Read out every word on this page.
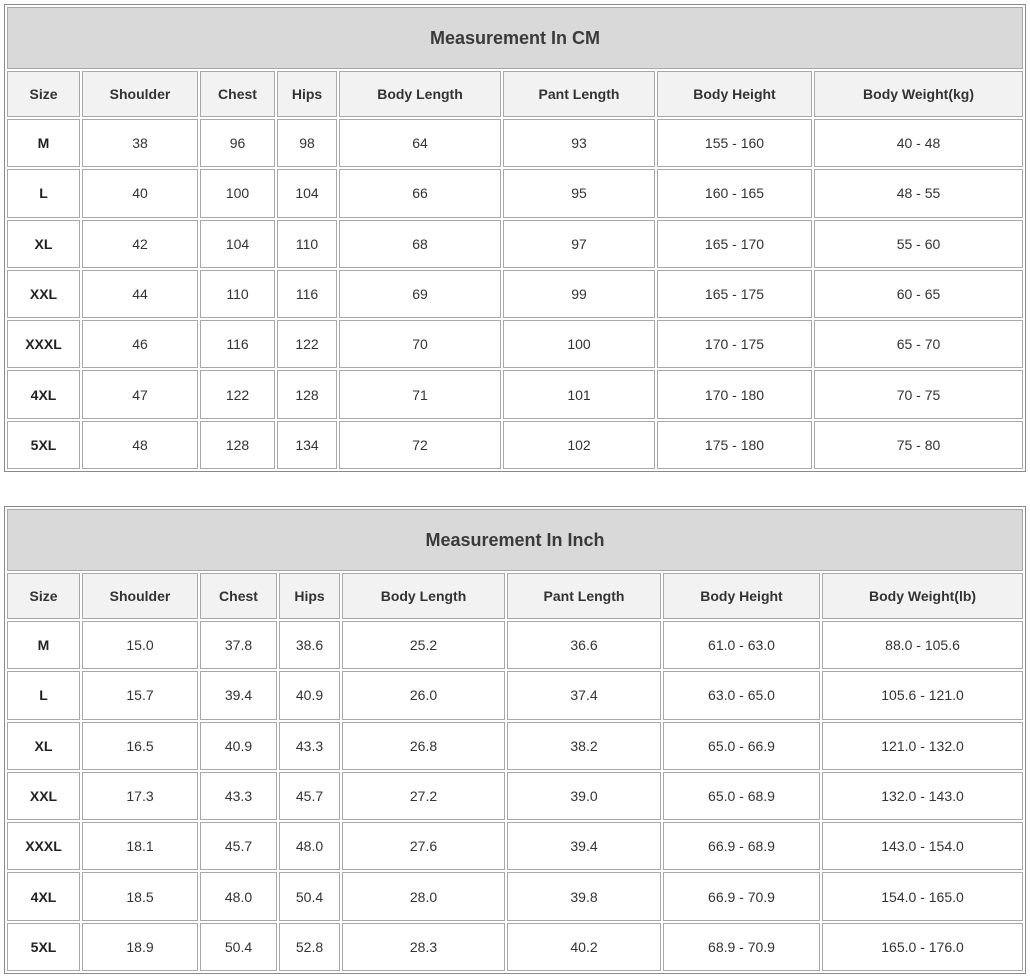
Measurement In CM							
Size	Shoulder	Chest	Hips	Body Length	Pant Length	Body Height	Body Weight(kg)
M	38	96	98	64	93	155 - 160	40 - 48
L	40	100	104	66	95	160 - 165	48 - 55
XL	42	104	110	68	97	165 - 170	55 - 60
XXL	44	110	116	69	99	165 - 175	60 - 65
XXXL	46	116	122	70	100	170 - 175	65 - 70
4XL	47	122	128	71	101	170 - 180	70 - 75
5XL	48	128	134	72	102	175 - 180	75 - 80
Measurement In Inch							
Size	Shoulder	Chest	Hips	Body Length	Pant Length	Body Height	Body Weight(lb)
M	15.0	37.8	38.6	25.2	36.6	61.0 - 63.0	88.0 - 105.6
L	15.7	39.4	40.9	26.0	37.4	63.0 - 65.0	105.6 - 121.0
XL	16.5	40.9	43.3	26.8	38.2	65.0 - 66.9	121.0 - 132.0
XXL	17.3	43.3	45.7	27.2	39.0	65.0 - 68.9	132.0 - 143.0
XXXL	18.1	45.7	48.0	27.6	39.4	66.9 - 68.9	143.0 - 154.0
4XL	18.5	48.0	50.4	28.0	39.8	66.9 - 70.9	154.0 - 165.0
5XL	18.9	50.4	52.8	28.3	40.2	68.9 - 70.9	165.0 - 176.0
